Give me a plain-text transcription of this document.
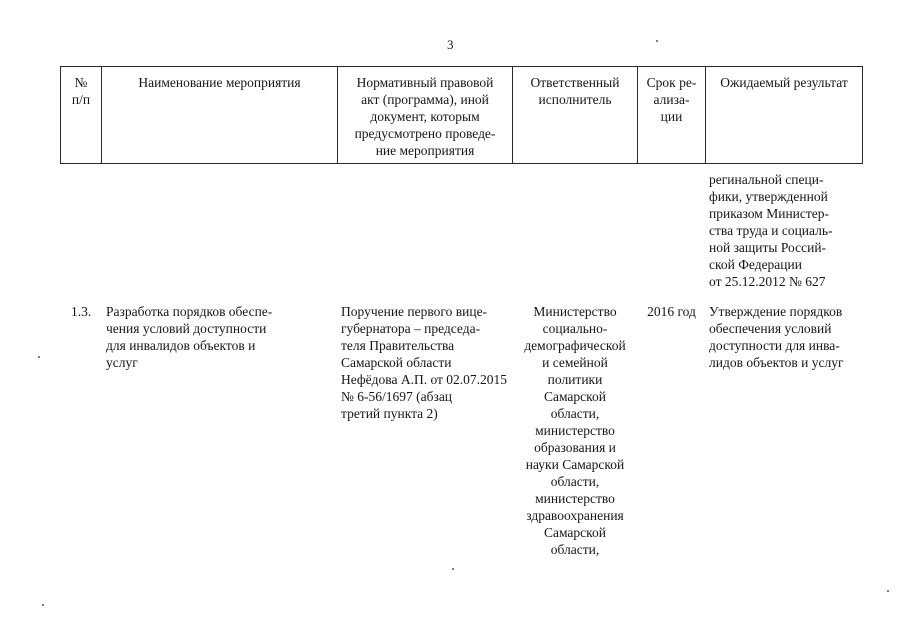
3
№
п/п
Наименование мероприятия	Нормативный правовой
акт (программа), иной
документ, которым
предусмотрено проведе-
ние мероприятия
Ответственный
исполнитель
Срок ре-
ализа-
ции
Ожидаемый результат
регинальной специ-
фики, утвержденной
приказом Министер-
ства труда и социаль-
ной защиты Россий-
ской Федерации
от 25.12.2012 № 627
1.3.	Разработка порядков обеспе-
чения условий доступности
для инвалидов объектов и
услуг
Поручение первого вице-
губернатора – председа-
теля Правительства
Самарской области
Нефёдова А.П. от 02.07.2015
№ 6-56/1697 (абзац
третий пункта 2)
Министерство
социально-
демографической
и семейной
политики
Самарской
области,
министерство
образования и
науки Самарской
области,
министерство
здравоохранения
Самарской
области,
2016 год Утверждение порядков
обеспечения условий
доступности для инва-
лидов объектов и услуг
